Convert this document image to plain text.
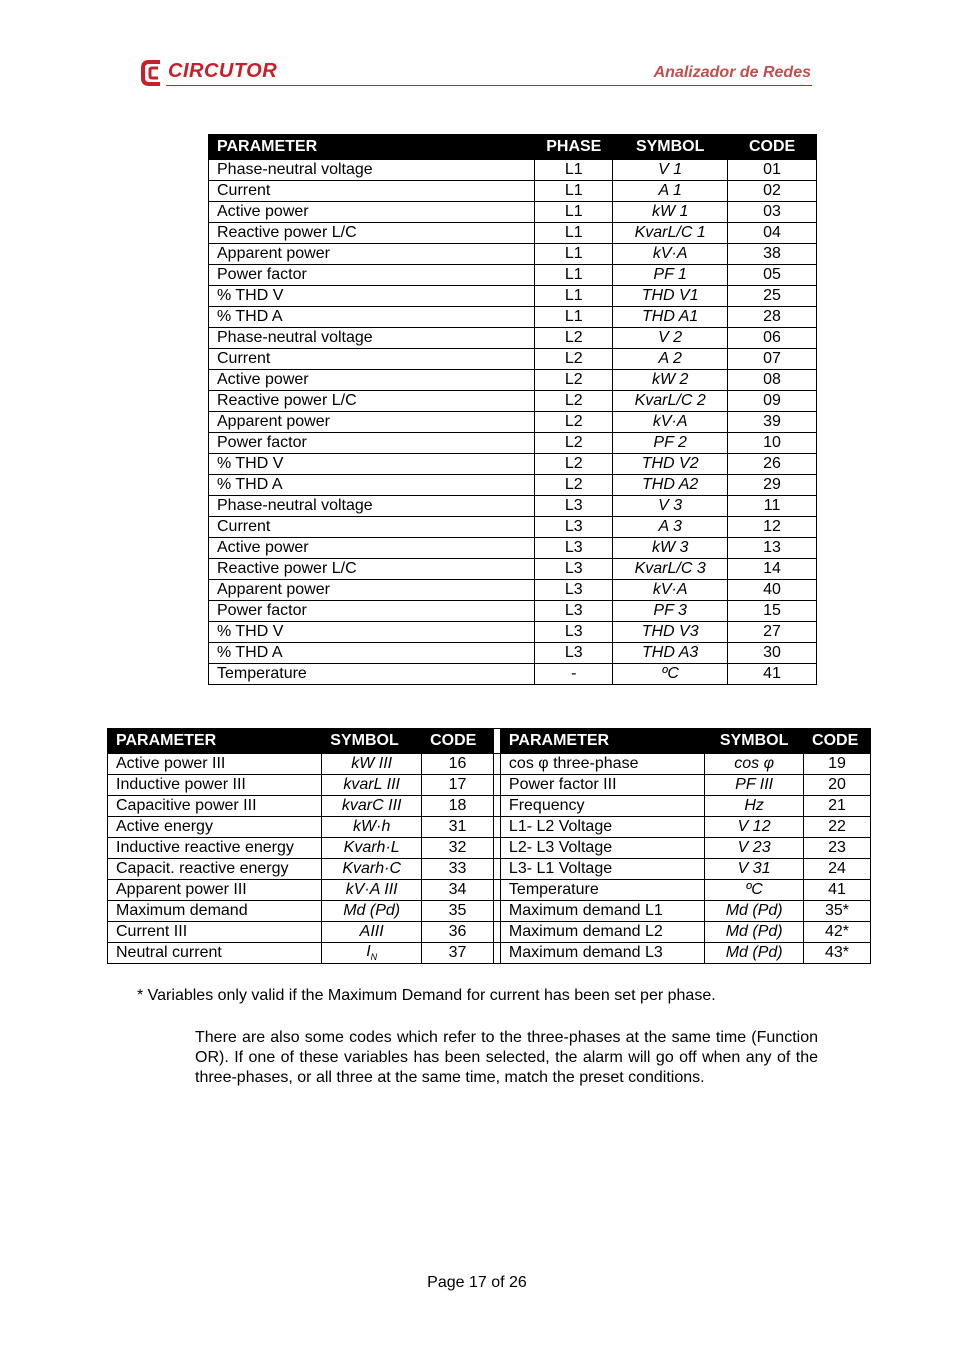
CIRCUTOR	Analizador de Redes
PARAMETER	PHASE	SYMBOL	CODE
Phase-neutral voltage	L1	V 1	01
Current	L1	A 1	02
Active power	L1	kW 1	03
Reactive power L/C	L1	KvarL/C 1	04
Apparent power	L1	kV·A	38
Power factor	L1	PF 1	05
% THD V	L1	THD V1	25
% THD A	L1	THD A1	28
Phase-neutral voltage	L2	V 2	06
Current	L2	A 2	07
Active power	L2	kW 2	08
Reactive power L/C	L2	KvarL/C 2	09
Apparent power	L2	kV·A	39
Power factor	L2	PF 2	10
% THD V	L2	THD V2	26
% THD A	L2	THD A2	29
Phase-neutral voltage	L3	V 3	11
Current	L3	A 3	12
Active power	L3	kW 3	13
Reactive power L/C	L3	KvarL/C 3	14
Apparent power	L3	kV·A	40
Power factor	L3	PF 3	15
% THD V	L3	THD V3	27
% THD A	L3	THD A3	30
Temperature	-	ºC	41
PARAMETER	SYMBOL	CODE		PARAMETER	SYMBOL	CODE
Active power III	kW III	16		cos φ three-phase	cos φ	19
Inductive power III	kvarL III	17		Power factor III	PF III	20
Capacitive power III	kvarC III	18		Frequency	Hz	21
Active energy	kW·h	31		L1- L2 Voltage	V 12	22
Inductive reactive energy	Kvarh·L	32		L2- L3 Voltage	V 23	23
Capacit. reactive energy	Kvarh·C	33		L3- L1 Voltage	V 31	24
Apparent power III	kV·A III	34		Temperature	ºC	41
Maximum demand	Md (Pd)	35		Maximum demand L1	Md (Pd)	35*
Current III	AIII	36		Maximum demand L2	Md (Pd)	42*
Neutral current	$I_N$	37		Maximum demand L3	Md (Pd)	43*
* Variables only valid if the Maximum Demand for current has been set per phase.
There are also some codes which refer to the three-phases at the same time (Function OR). If one of these variables has been selected, the alarm will go off when any of the three-phases, or all three at the same time, match the preset conditions.
Page 17 of 26
